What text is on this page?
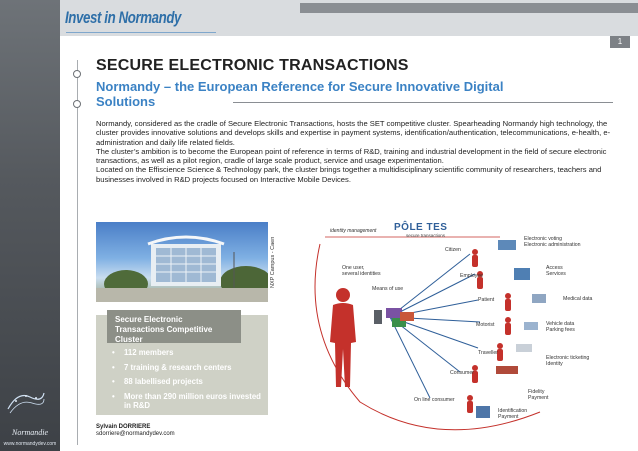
Normandie
www.normandydev.com
Invest in Normandy
1
SECURE ELECTRONIC TRANSACTIONS
Normandy – the European Reference for Secure Innovative Digital Solutions

Normandy, considered as the cradle of Secure Electronic Transactions, hosts the SET competitive cluster. Spearheading Normandy high technology, the cluster provides innovative solutions and develops skills and expertise in payment systems, identification/authentication, telecommunications, e-health, e-administration and daily life related fields.

The cluster’s ambition is to become the European point of reference in terms of R&D, training and industrial development in the field of secure electronic transactions, as well as a pilot region, cradle of large scale product, service and usage experimentation.

Located on the Effiscience Science & Technology park, the cluster brings together a multidisciplinary scientific community of researchers, teachers and businesses involved in R&D projects focused on Interactive Mobile Devices.

NXP Campus - Caen
Secure Electronic Transactions Competitive Cluster
• 112 members
• 7 training & research centers
• 88 labellised projects
• More than 290 million euros invested in R&D
Sylvain DORRIERE
sdorriere@normandydev.com
identity management PÔLE TES
secure transactions
One user,
several identities
Means of use
Citizen
Employee
Patient
Motorist
Traveller
Consumer
On line consumer
Electronic voting
Electronic administration
Access
Services
Medical data
Vehicle data
Parking fees
Electronic ticketing
Identity
Fidelity
Payment
Identification
Payment
